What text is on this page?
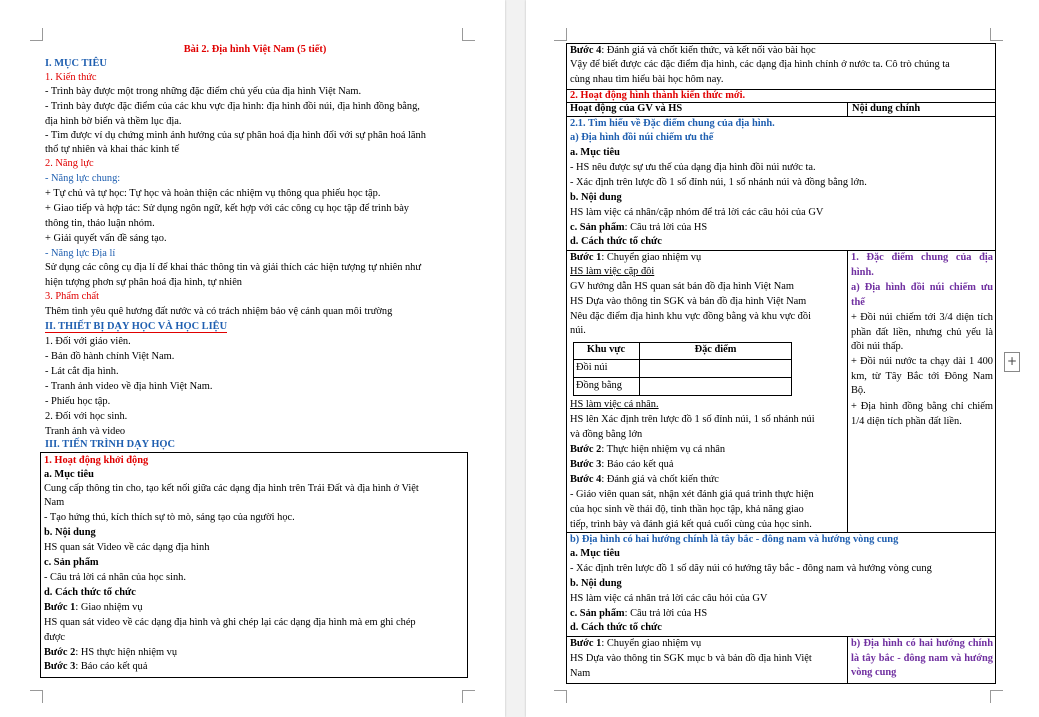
Bài 2. Địa hình Việt Nam (5 tiết)
I. MỤC TIÊU
1. Kiến thức
- Trình bày được một trong những đặc điểm chủ yếu của địa hình Việt Nam.
- Trình bày được đặc điểm của các khu vực địa hình: địa hình đồi núi, địa hình đồng bằng,
địa hình bờ biển và thềm lục địa.
- Tìm được ví dụ chứng minh ảnh hưởng của sự phân hoá địa hình đối với sự phân hoá lãnh
thổ tự nhiên và khai thác kinh tế
2. Năng lực
- Năng lực chung:
+ Tự chủ và tự học: Tự học và hoàn thiện các nhiệm vụ thông qua phiếu học tập.
+ Giao tiếp và hợp tác: Sử dụng ngôn ngữ, kết hợp với các công cụ học tập để trình bày
thông tin, thảo luận nhóm.
+ Giải quyết vấn đề sáng tạo.
- Năng lực Địa lí
Sử dụng các công cụ địa lí để khai thác thông tin và giải thích các hiện tượng tự nhiên như
hiện tượng phơn sự phân hoá địa hình, tự nhiên
3. Phẩm chất
Thêm tình yêu quê hương đất nước và có trách nhiệm bảo vệ cảnh quan môi trường
II. THIẾT BỊ DẠY HỌC VÀ HỌC LIỆU
1. Đối với giáo viên.
- Bản đồ hành chính Việt Nam.
- Lát cắt địa hình.
- Tranh ảnh video về địa hình Việt Nam.
- Phiếu học tập.
2. Đối với học sinh.
Tranh ảnh và video
III. TIẾN TRÌNH DẠY HỌC
1. Hoạt động khởi động
a. Mục tiêu
Cung cấp thông tin cho, tạo kết nối giữa các dạng địa hình trên Trái Đất và địa hình ở Việt
Nam
- Tạo hứng thú, kích thích sự tò mò, sáng tạo của người học.
b. Nội dung
HS quan sát Video về các dạng địa hình
c. Sản phẩm
- Câu trả lời cá nhân của học sinh.
d. Cách thức tổ chức
Bước 1: Giao nhiệm vụ
HS quan sát video về các dạng địa hình và ghi chép lại các dạng địa hình mà em ghi chép
được
Bước 2: HS thực hiện nhiệm vụ
Bước 3: Báo cáo kết quả
Bước 4: Đánh giá và chốt kiến thức, và kết nối vào bài học
Vậy để biết được các đặc điểm địa hình, các dạng địa hình chính ở nước ta. Cô trò chúng ta
cùng nhau tìm hiểu bài học hôm nay.
2. Hoạt động hình thành kiến thức mới.
Hoạt động của GV và HS	Nội dung chính
2.1. Tìm hiểu về Đặc điểm chung của địa hình.
a) Địa hình đồi núi chiếm ưu thế
a. Mục tiêu
- HS nêu được sự ưu thế của dạng địa hình đồi núi nước ta.
- Xác định trên lược đồ 1 số đỉnh núi, 1 số nhánh núi và đồng bằng lớn.
b. Nội dung
HS làm việc cá nhân/cặp nhóm để trả lời các câu hỏi của GV
c. Sản phẩm: Câu trả lời của HS
d. Cách thức tổ chức
Bước 1: Chuyển giao nhiệm vụ
HS làm việc cặp đôi
GV hướng dẫn HS quan sát bản đồ địa hình Việt Nam
HS Dựa vào thông tin SGK và bản đồ địa hình Việt Nam
Nêu đặc điểm địa hình khu vực đồng bằng và khu vực đồi
núi.
Khu vực	Đặc điểm
Đồi núi
Đồng bằng
HS làm việc cá nhân.
HS lên Xác định trên lược đồ 1 số đỉnh núi, 1 số nhánh núi
và đồng bằng lớn
Bước 2: Thực hiện nhiệm vụ cá nhân
Bước 3: Báo cáo kết quả
Bước 4: Đánh giá và chốt kiến thức
- Giáo viên quan sát, nhận xét đánh giá quá trình thực hiện
của học sinh về thái độ, tinh thần học tập, khả năng giao
tiếp, trình bày và đánh giá kết quả cuối cùng của học sinh.
1. Đặc điểm chung của địa hình.
a) Địa hình đồi núi chiếm ưu thế
+ Đồi núi chiếm tới 3/4 diện tích phần đất liền, nhưng chủ yếu là đồi núi thấp.
+ Đồi núi nước ta chạy dài 1 400 km, từ Tây Bắc tới Đông Nam Bộ.
+ Địa hình đồng bằng chỉ chiếm 1/4 diện tích phần đất liền.
b) Địa hình có hai hướng chính là tây bắc - đông nam và hướng vòng cung
a. Mục tiêu
- Xác định trên lược đồ 1 số dãy núi có hướng tây bắc - đông nam và hướng vòng cung
b. Nội dung
HS làm việc cá nhân trả lời các câu hỏi của GV
c. Sản phẩm: Câu trả lời của HS
d. Cách thức tổ chức
Bước 1: Chuyển giao nhiệm vụ
HS Dựa vào thông tin SGK mục b và bản đồ địa hình Việt
Nam
b) Địa hình có hai hướng chính là tây bắc - đông nam và hướng vòng cung
+
